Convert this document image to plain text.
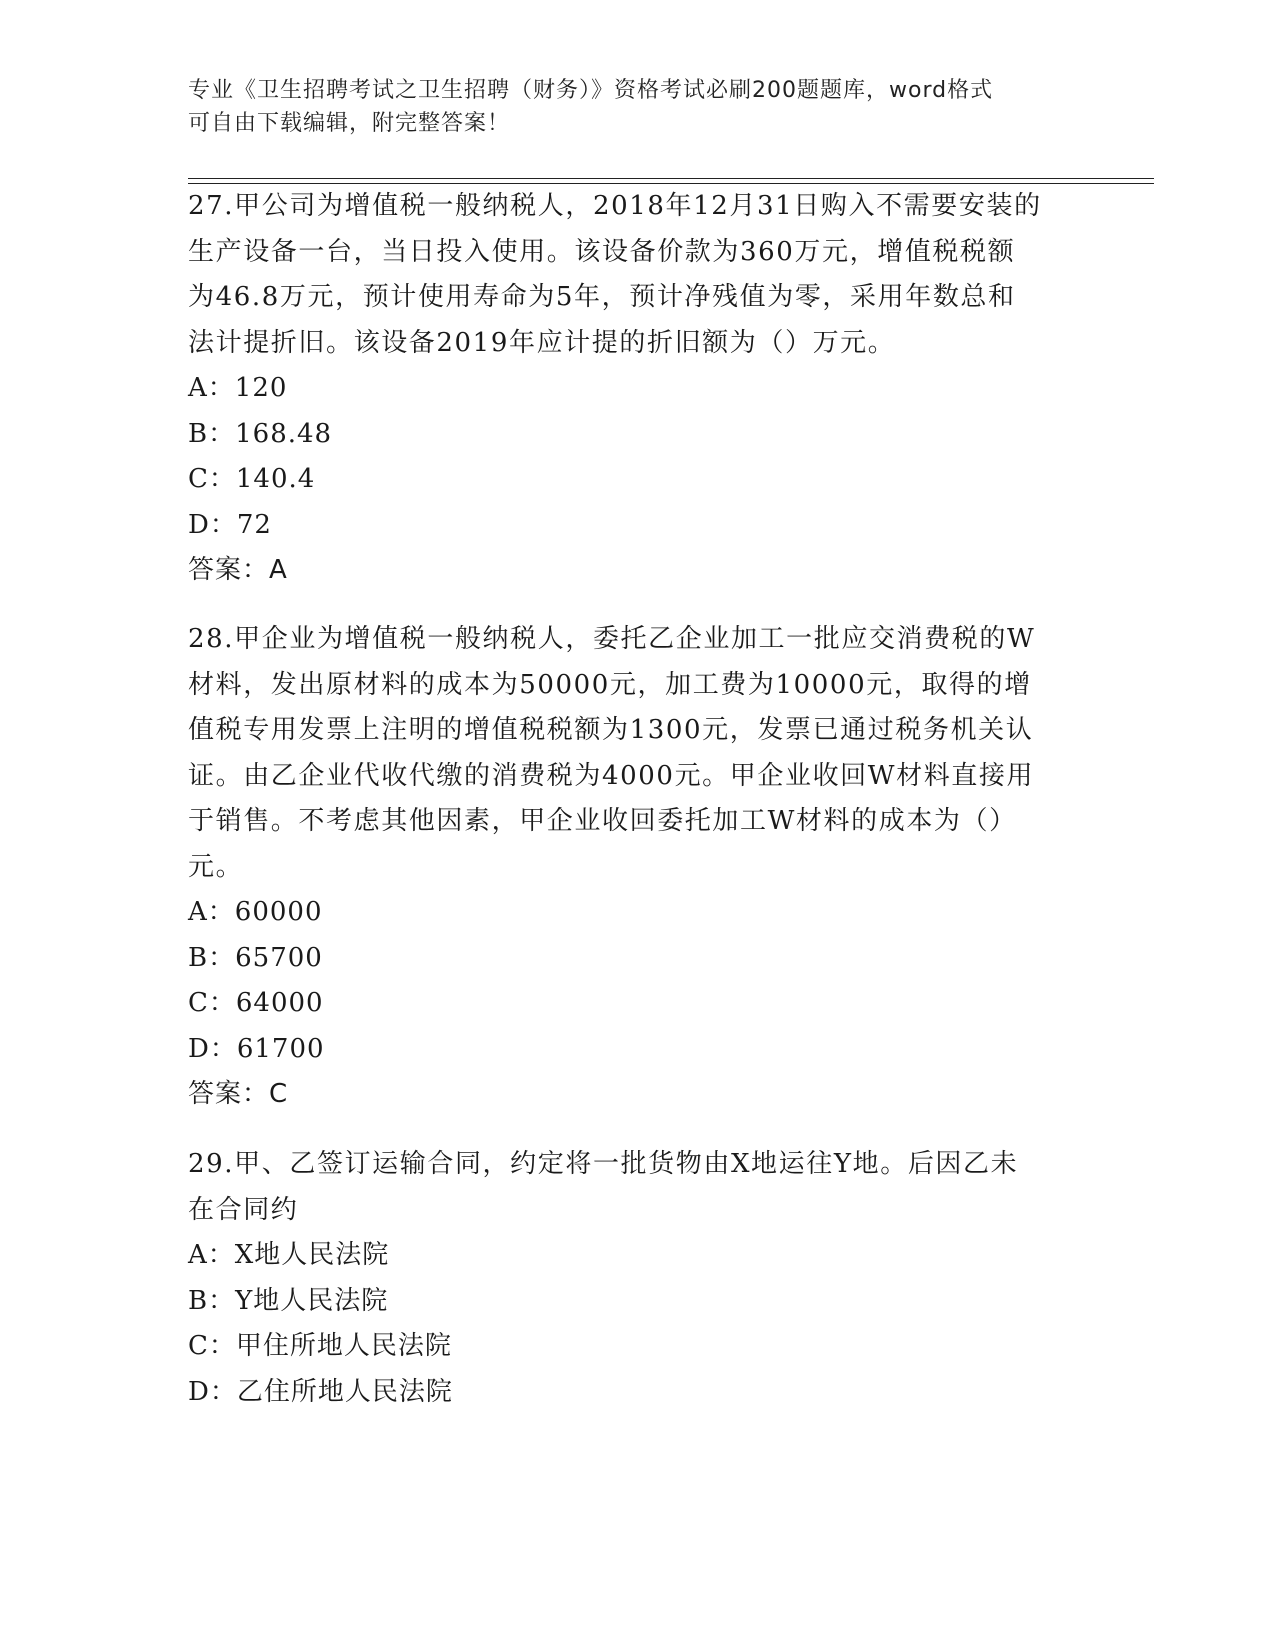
专业《卫生招聘考试之卫生招聘（财务）》资格考试必刷200题题库，word格式
可自由下载编辑，附完整答案！
27.甲公司为增值税一般纳税人，2018年12月31日购入不需要安装的
生产设备一台，当日投入使用。该设备价款为360万元，增值税税额
为46.8万元，预计使用寿命为5年，预计净残值为零，采用年数总和
法计提折旧。该设备2019年应计提的折旧额为（）万元。
A：120
B：168.48
C：140.4
D：72
答案：A
28.甲企业为增值税一般纳税人，委托乙企业加工一批应交消费税的W
材料，发出原材料的成本为50000元，加工费为10000元，取得的增
值税专用发票上注明的增值税税额为1300元，发票已通过税务机关认
证。由乙企业代收代缴的消费税为4000元。甲企业收回W材料直接用
于销售。不考虑其他因素，甲企业收回委托加工W材料的成本为（）
元。
A：60000
B：65700
C：64000
D：61700
答案：C
29.甲、乙签订运输合同，约定将一批货物由X地运往Y地。后因乙未
在合同约
A：X地人民法院
B：Y地人民法院
C：甲住所地人民法院
D：乙住所地人民法院
